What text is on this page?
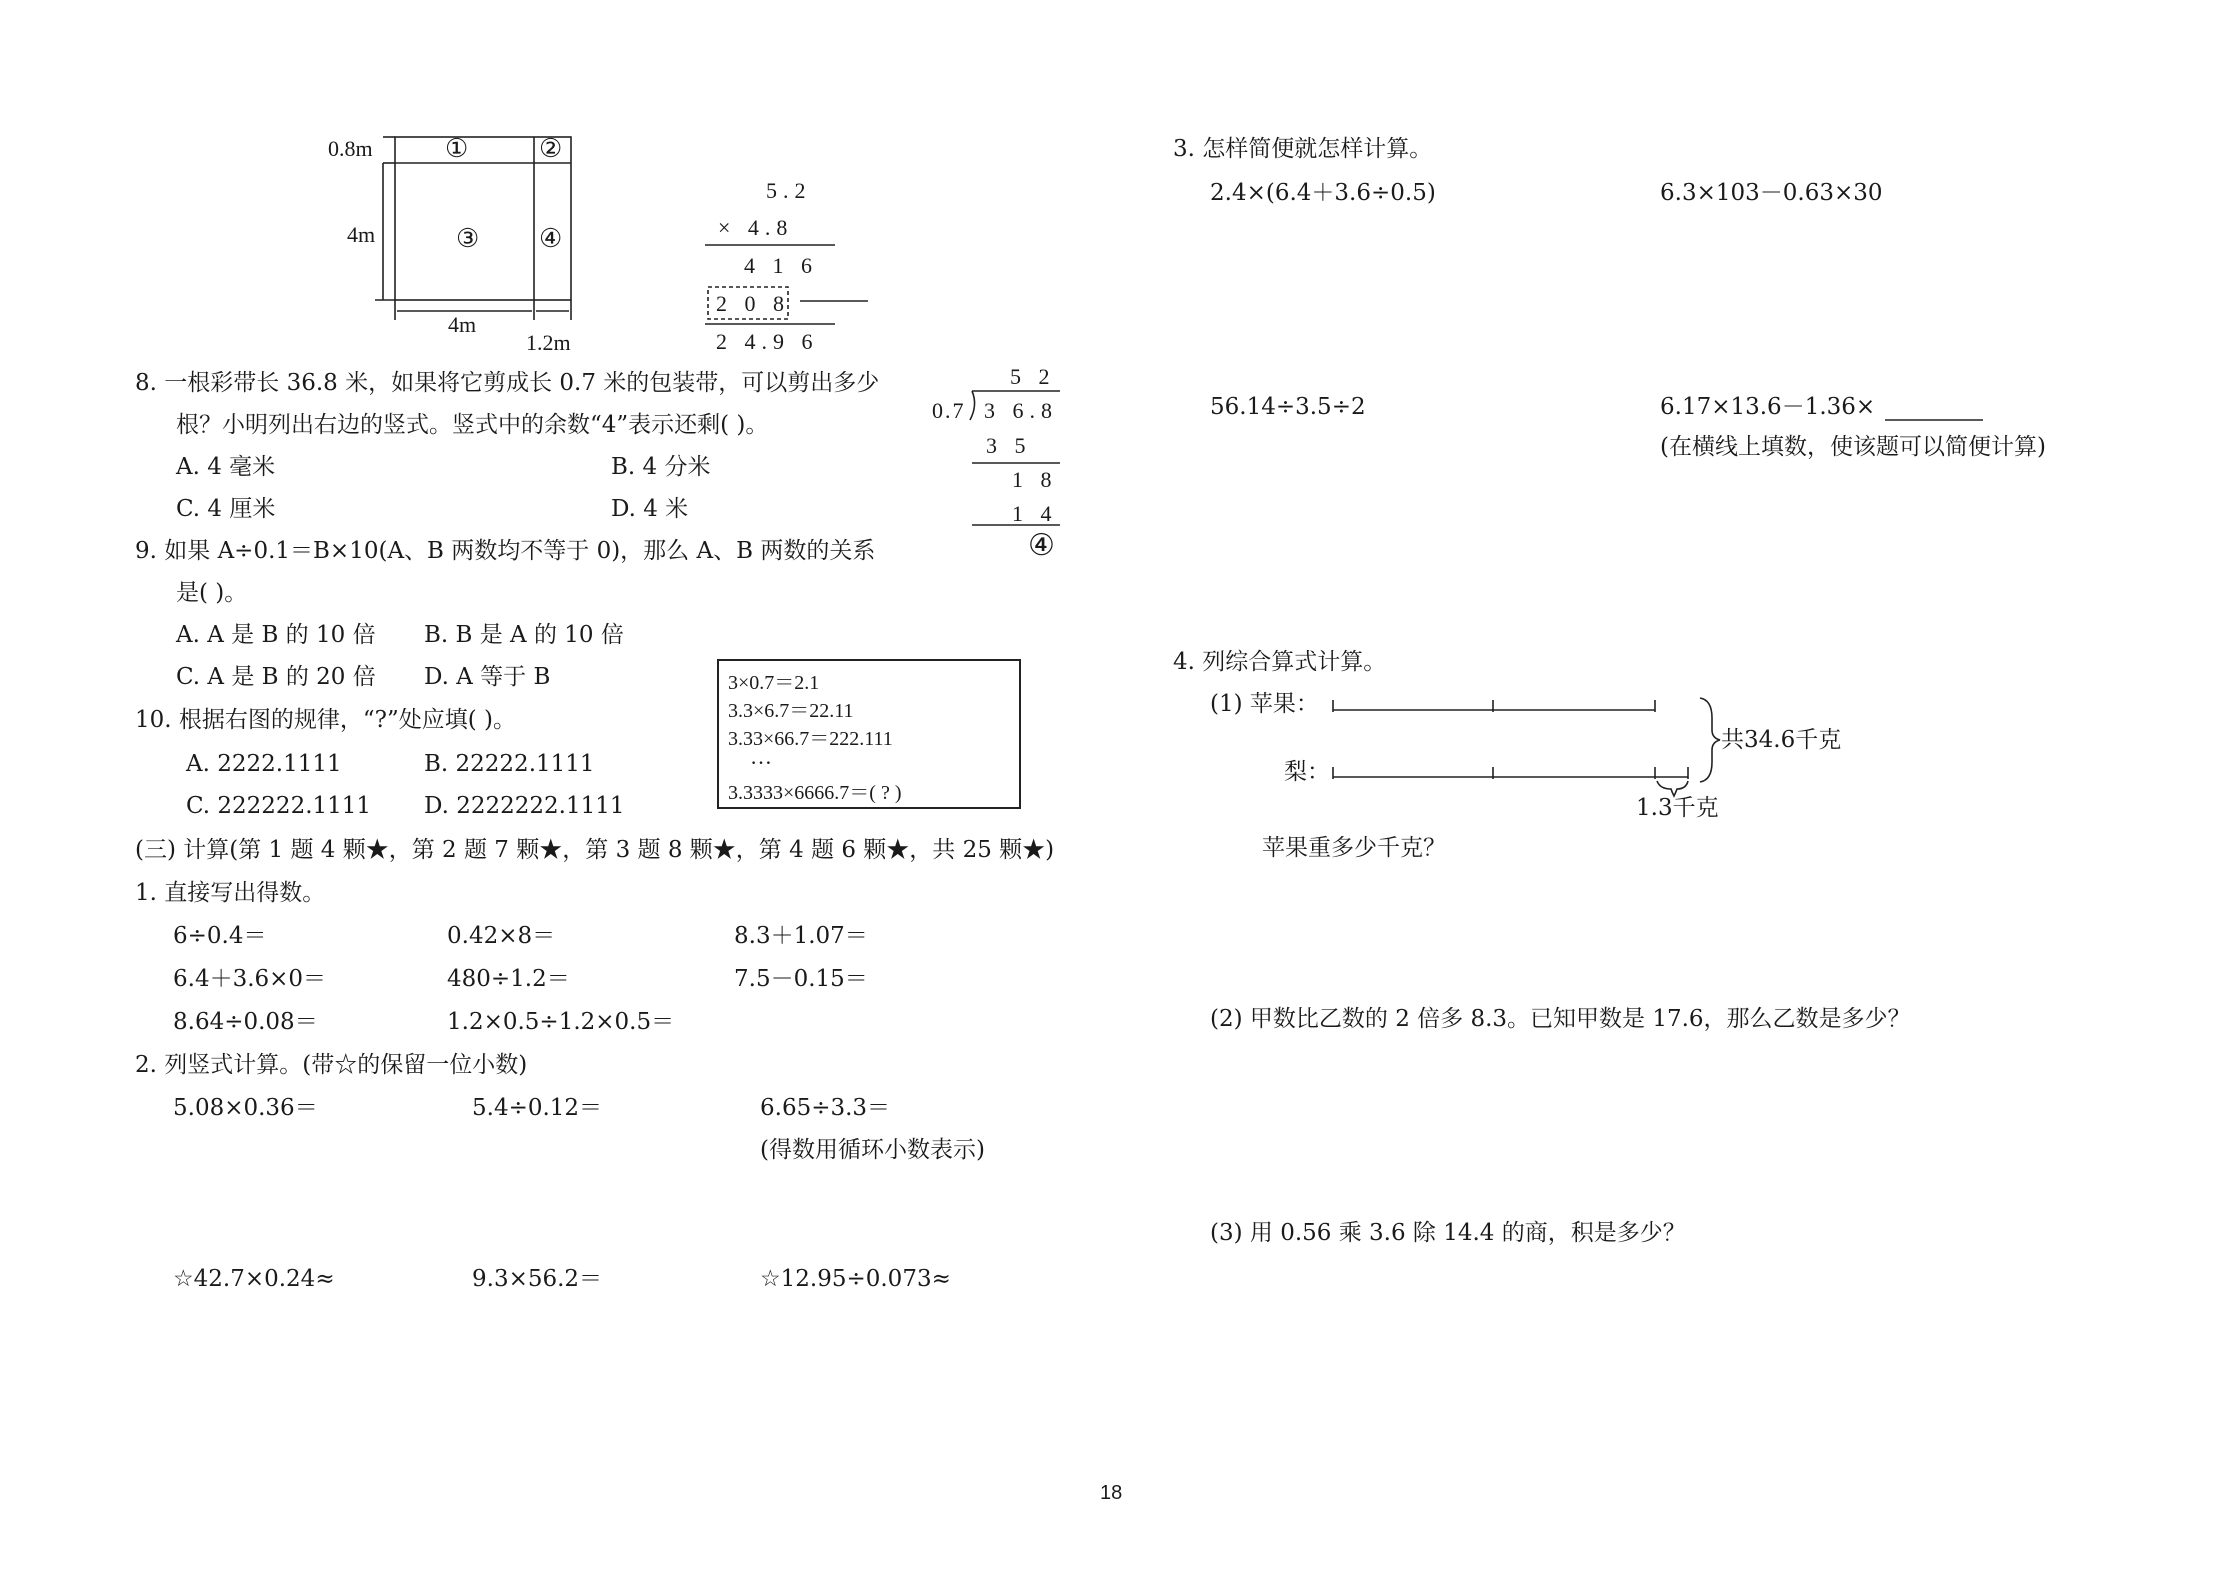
0.8m
4m
4m
1.2m
①	②
③ ④
5.2
× 4.8
4 1 6
2 0 8
2 4.9 6
5 2
0.7 3 6.8
3 5
1 8
1 4
④
8. 一根彩带长 36.8 米，如果将它剪成长 0.7 米的包装带，可以剪出多少
根？小明列出右边的竖式。竖式中的余数“4”表示还剩( )。
A. 4 毫米	B. 4 分米
C. 4 厘米	D. 4 米
9. 如果 A÷0.1＝B×10(A、B 两数均不等于 0)，那么 A、B 两数的关系
是( )。
A. A 是 B 的 10 倍 B. B 是 A 的 10 倍
C. A 是 B 的 20 倍 D. A 等于 B	3×0.7＝2.1
3.3×6.7＝22.11
3.33×66.7＝222.111
…
3.3333×6666.7＝( ? )
10. 根据右图的规律，“?”处应填( )。
A. 2222.1111	B. 22222.1111
C. 222222.1111 D. 2222222.1111
(三) 计算(第 1 题 4 颗★，第 2 题 7 颗★，第 3 题 8 颗★，第 4 题 6 颗★，共 25 颗★)
1. 直接写出得数。
6÷0.4＝	0.42×8＝	8.3＋1.07＝
6.4＋3.6×0＝	480÷1.2＝	7.5－0.15＝
8.64÷0.08＝	1.2×0.5÷1.2×0.5＝
2. 列竖式计算。(带☆的保留一位小数)
5.08×0.36＝	5.4÷0.12＝	6.65÷3.3＝
(得数用循环小数表示)
☆42.7×0.24≈	9.3×56.2＝	☆12.95÷0.073≈
3. 怎样简便就怎样计算。
2.4×(6.4＋3.6÷0.5)	6.3×103－0.63×30
56.14÷3.5÷2	6.17×13.6－1.36×
(在横线上填数，使该题可以简便计算)
4. 列综合算式计算。
(1) 苹果：
梨：
共34.6千克
1.3千克
苹果重多少千克？
(2) 甲数比乙数的 2 倍多 8.3。已知甲数是 17.6，那么乙数是多少？
(3) 用 0.56 乘 3.6 除 14.4 的商，积是多少？
18
